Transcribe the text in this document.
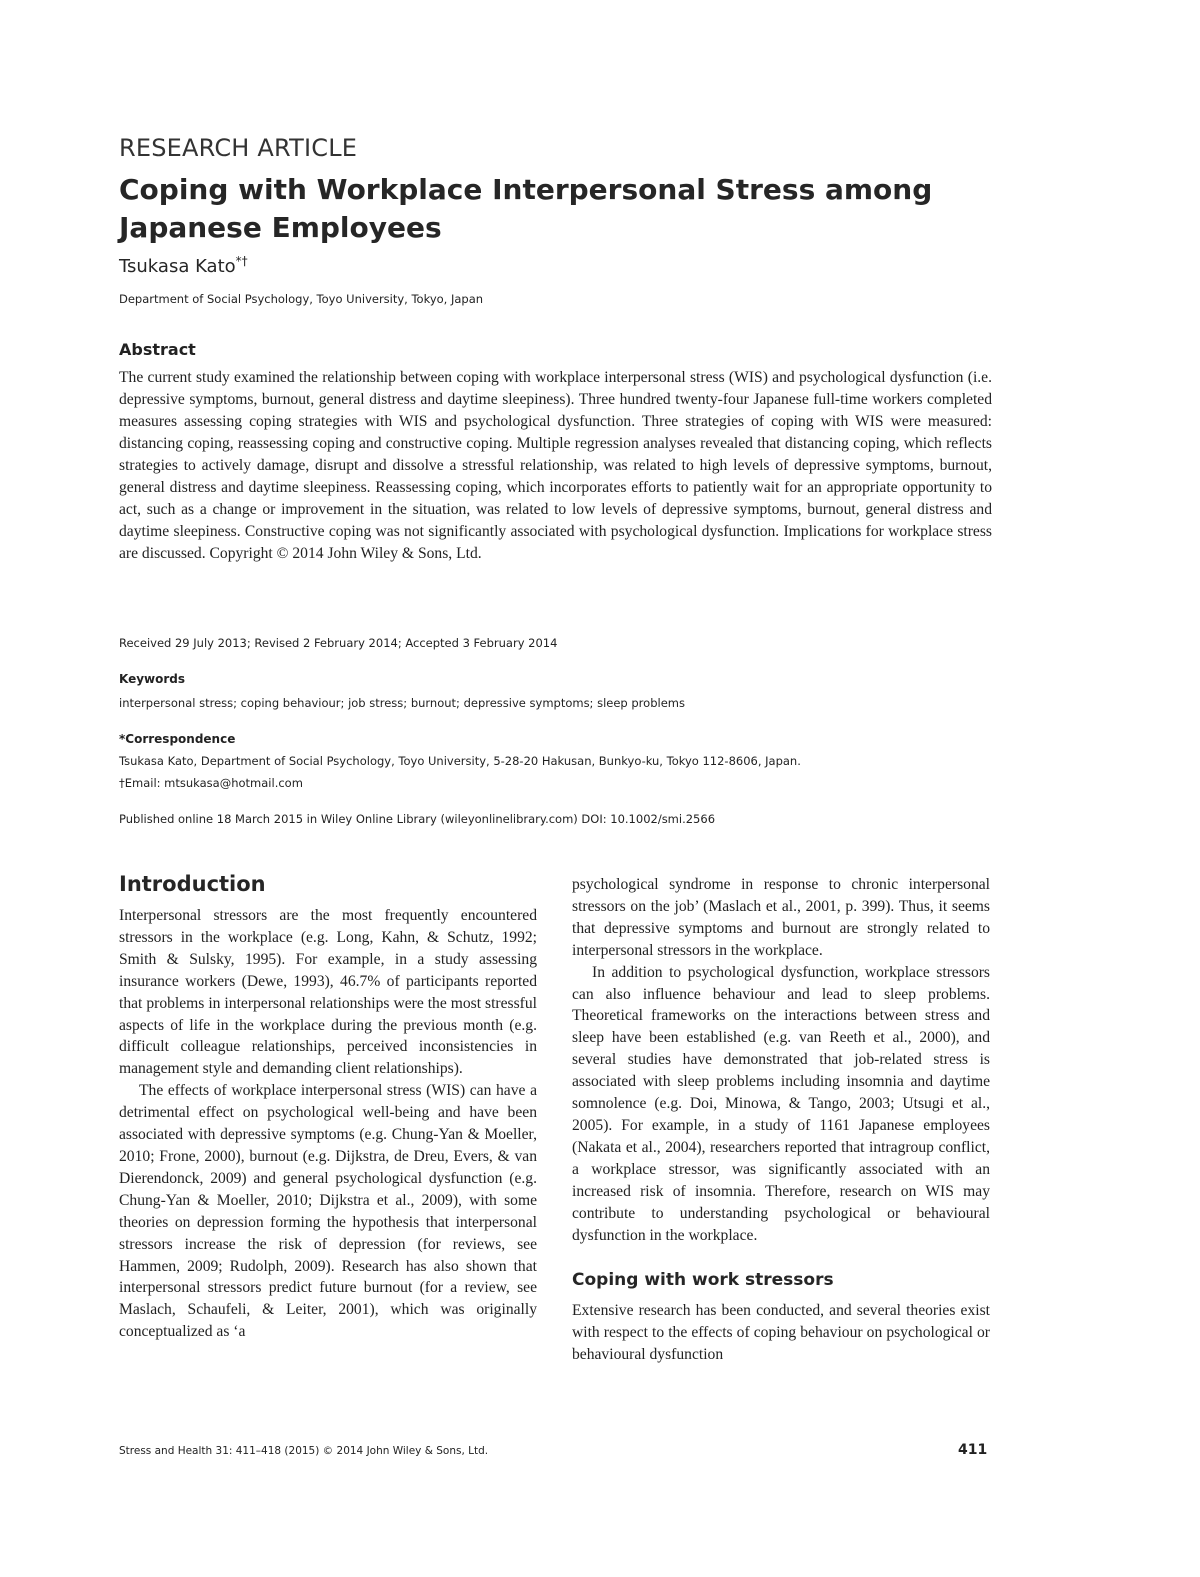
RESEARCH ARTICLE
Coping with Workplace Interpersonal Stress among Japanese Employees
Tsukasa Kato*†
Department of Social Psychology, Toyo University, Tokyo, Japan
Abstract

The current study examined the relationship between coping with workplace interpersonal stress (WIS) and psychological dysfunction (i.e. depressive symptoms, burnout, general distress and daytime sleepiness). Three hundred twenty-four Japanese full-time workers completed measures assessing coping strategies with WIS and psychological dysfunction. Three strategies of coping with WIS were measured: distancing coping, reassessing coping and constructive coping. Multiple regression analyses revealed that distancing coping, which reflects strategies to actively damage, disrupt and dissolve a stressful relationship, was related to high levels of depressive symptoms, burnout, general distress and daytime sleepiness. Reassessing coping, which incorporates efforts to patiently wait for an appropriate opportunity to act, such as a change or improvement in the situation, was related to low levels of depressive symptoms, burnout, general distress and daytime sleepiness. Constructive coping was not significantly associated with psychological dysfunction. Implications for workplace stress are discussed. Copyright © 2014 John Wiley & Sons, Ltd.

Received 29 July 2013; Revised 2 February 2014; Accepted 3 February 2014
Keywords
interpersonal stress; coping behaviour; job stress; burnout; depressive symptoms; sleep problems
*Correspondence
Tsukasa Kato, Department of Social Psychology, Toyo University, 5-28-20 Hakusan, Bunkyo-ku, Tokyo 112-8606, Japan.
†Email: mtsukasa@hotmail.com
Published online 18 March 2015 in Wiley Online Library (wileyonlinelibrary.com) DOI: 10.1002/smi.2566
Introduction

Interpersonal stressors are the most frequently encountered stressors in the workplace (e.g. Long, Kahn, & Schutz, 1992; Smith & Sulsky, 1995). For example, in a study assessing insurance workers (Dewe, 1993), 46.7% of participants reported that problems in interpersonal relationships were the most stressful aspects of life in the workplace during the previous month (e.g. difficult colleague relationships, perceived inconsistencies in management style and demanding client relationships).

The effects of workplace interpersonal stress (WIS) can have a detrimental effect on psychological well-being and have been associated with depressive symptoms (e.g. Chung-Yan & Moeller, 2010; Frone, 2000), burnout (e.g. Dijkstra, de Dreu, Evers, & van Dierendonck, 2009) and general psychological dysfunction (e.g. Chung-Yan & Moeller, 2010; Dijkstra et al., 2009), with some theories on depression forming the hypothesis that interpersonal stressors increase the risk of depression (for reviews, see Hammen, 2009; Rudolph, 2009). Research has also shown that interpersonal stressors predict future burnout (for a review, see Maslach, Schaufeli, & Leiter, 2001), which was originally conceptualized as ‘a

psychological syndrome in response to chronic interpersonal stressors on the job’ (Maslach et al., 2001, p. 399). Thus, it seems that depressive symptoms and burnout are strongly related to interpersonal stressors in the workplace.

In addition to psychological dysfunction, workplace stressors can also influence behaviour and lead to sleep problems. Theoretical frameworks on the interactions between stress and sleep have been established (e.g. van Reeth et al., 2000), and several studies have demonstrated that job-related stress is associated with sleep problems including insomnia and daytime somnolence (e.g. Doi, Minowa, & Tango, 2003; Utsugi et al., 2005). For example, in a study of 1161 Japanese employees (Nakata et al., 2004), researchers reported that intragroup conflict, a workplace stressor, was significantly associated with an increased risk of insomnia. Therefore, research on WIS may contribute to understanding psychological or behavioural dysfunction in the workplace.

Coping with work stressors

Extensive research has been conducted, and several theories exist with respect to the effects of coping behaviour on psychological or behavioural dysfunction

Stress and Health 31: 411–418 (2015) © 2014 John Wiley & Sons, Ltd.	411
